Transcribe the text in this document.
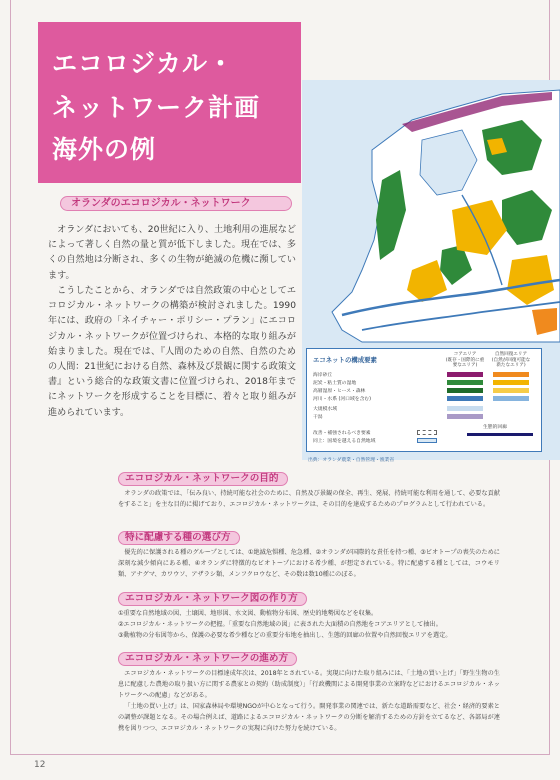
エコロジカル・
ネットワーク計画
海外の例
オランダのエコロジカル・ネットワーク

オランダにおいても、20世紀に入り、土地利用の進展などによって著しく自然の量と質が低下しました。現在では、多くの自然地は分断され、多くの生物が絶滅の危機に瀕しています。

こうしたことから、オランダでは自然政策の中心としてエコロジカル・ネットワークの構築が検討されました。1990年には、政府の「ネイチャー・ポリシー・プラン」にエコロジカル・ネットワークが位置づけられ、本格的な取り組みが始まりました。現在では、『人間のための自然、自然のための人間：21世紀における自然、森林及び景観に関する政策文書』という総合的な政策文書に位置づけられ、2018年までにネットワークを形成することを目標に、着々と取り組みが進められています。

エコネットの構成要素
コアエリア
(既存・国際的に重要なエリア)
自然回復エリア
(自然が回復可能な新たなエリア)
海岸砂丘
泥炭・粘土質の湿地
高層湿原・ヒース・森林
河川・水系 (河口域を含む)
大規模水域
干潟
改善・補強されるべき要素
同上：国境を越える自然地域
生態的回廊
出典：オランダ農業・自然管理・漁業省
エコロジカル・ネットワークの目的

オランダの政策では、「伝み良い、持続可能な社会のために、自然及び景観の保全、再生、発展、持続可能な利用を通して、必要な貢献をすること」を主な目的に掲げており、エコロジカル・ネットワークは、その目的を達成するためのプログラムとして行われている。

特に配慮する種の選び方

優先的に保護される種のグループとしては、①絶滅危惧種、危急種、②オランダが国際的な責任を持つ種、③ビオトープの喪失のために深刻な減少傾向にある種、④オランダに特徴的なビオトープにおける希少種、が想定されている。特に配慮する種としては、コウモリ類、アナグマ、カワウソ、アザラシ類、メンフクロウなど、その数は数10種にのぼる。

エコロジカル・ネットワーク図の作り方
①重要な自然地域の図、土壌図、地形図、水文図、動植物分布図、歴史的地勢図などを収集。
②エコロジカル・ネットワークの把握。「重要な自然地域の図」に表された大面積の自然地をコアエリアとして抽出。
③動植物の分布図等から、保護の必要な希少種などの重要分布地を抽出し、生態的回廊の位置や自然回復エリアを選定。
エコロジカル・ネットワークの進め方

エコロジカル・ネットワークの目標達成年次は、2018年とされている。実現に向けた取り組みには、「土地の買い上げ」「野生生物の生息に配慮した農地の取り扱い方に関する農家との契約（助成制度）」「行政機関による開発事業の立案時などにおけるエコロジカル・ネットワークへの配慮」などがある。

「土地の買い上げ」は、国家森林局や環境NGOが中心となって行う。開発事業の関連では、新たな道路需要など、社会・経済的要素との調整が課題となる。その場合例えば、道路によるエコロジカル・ネットワークの分断を解消するための方針を立てるなど、各部局が連携を図りつつ、エコロジカル・ネットワークの実現に向けた努力を続けている。

12
